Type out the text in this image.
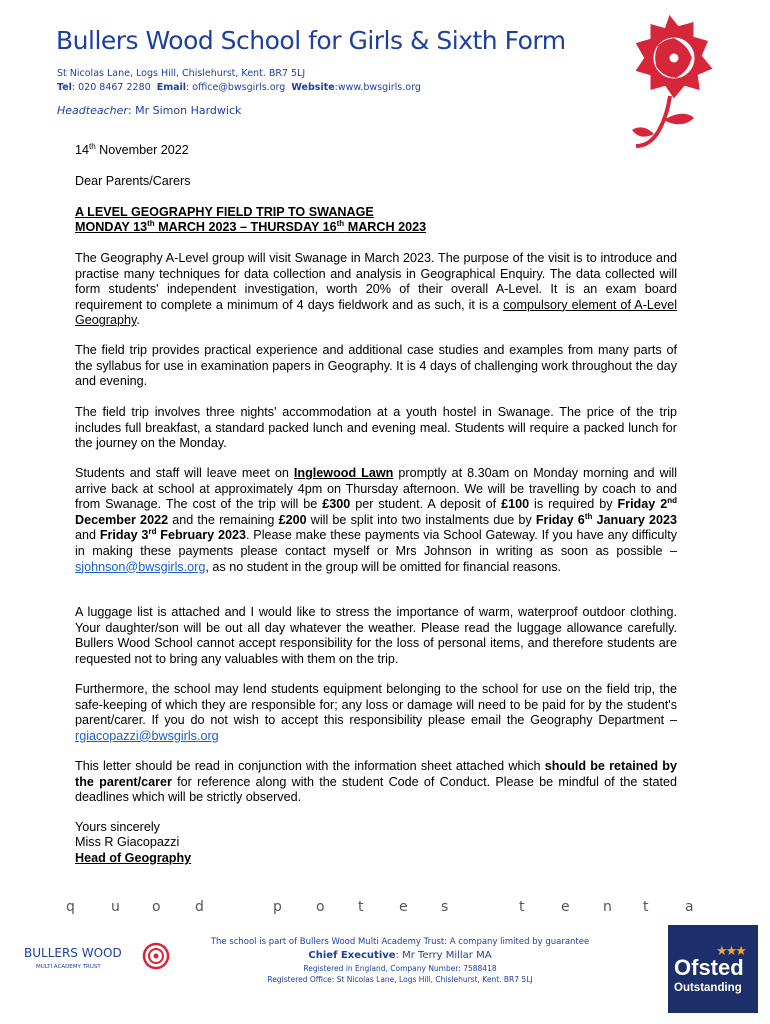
Bullers Wood School for Girls & Sixth Form
St Nicolas Lane, Logs Hill, Chislehurst, Kent. BR7 5LJ
Tel: 020 8467 2280 Email: office@bwsgirls.org Website:www.bwsgirls.org
Headteacher: Mr Simon Hardwick
14th November 2022
Dear Parents/Carers
A LEVEL GEOGRAPHY FIELD TRIP TO SWANAGE
MONDAY 13th MARCH 2023 – THURSDAY 16th MARCH 2023

The Geography A-Level group will visit Swanage in March 2023. The purpose of the visit is to introduce and practise many techniques for data collection and analysis in Geographical Enquiry. The data collected will form students' independent investigation, worth 20% of their overall A-Level. It is an exam board requirement to complete a minimum of 4 days fieldwork and as such, it is a compulsory element of A-Level Geography.

The field trip provides practical experience and additional case studies and examples from many parts of the syllabus for use in examination papers in Geography. It is 4 days of challenging work throughout the day and evening.

The field trip involves three nights' accommodation at a youth hostel in Swanage. The price of the trip includes full breakfast, a standard packed lunch and evening meal. Students will require a packed lunch for the journey on the Monday.

Students and staff will leave meet on Inglewood Lawn promptly at 8.30am on Monday morning and will arrive back at school at approximately 4pm on Thursday afternoon. We will be travelling by coach to and from Swanage. The cost of the trip will be £300 per student. A deposit of £100 is required by Friday 2nd December 2022 and the remaining £200 will be split into two instalments due by Friday 6th January 2023 and Friday 3rd February 2023. Please make these payments via School Gateway. If you have any difficulty in making these payments please contact myself or Mrs Johnson in writing as soon as possible – sjohnson@bwsgirls.org, as no student in the group will be omitted for financial reasons.

A luggage list is attached and I would like to stress the importance of warm, waterproof outdoor clothing. Your daughter/son will be out all day whatever the weather. Please read the luggage allowance carefully. Bullers Wood School cannot accept responsibility for the loss of personal items, and therefore students are requested not to bring any valuables with them on the trip.

Furthermore, the school may lend students equipment belonging to the school for use on the field trip, the safe-keeping of which they are responsible for; any loss or damage will need to be paid for by the student's parent/carer. If you do not wish to accept this responsibility please email the Geography Department – rgiacopazzi@bwsgirls.org

This letter should be read in conjunction with the information sheet attached which should be retained by the parent/carer for reference along with the student Code of Conduct. Please be mindful of the stated deadlines which will be strictly observed.

Yours sincerely
Miss R Giacopazzi
Head of Geography
q	u o d	p o t	e s	t	e n t	a
BULLERS WOOD
MULTI ACADEMY TRUST
The school is part of Bullers Wood Multi Academy Trust: A company limited by guarantee
Chief Executive: Mr Terry Millar MA
Registered in England, Company Number: 7588418
Registered Office: St Nicolas Lane, Logs Hill, Chislehurst, Kent. BR7 5LJ
★★★
Ofsted
Outstanding
